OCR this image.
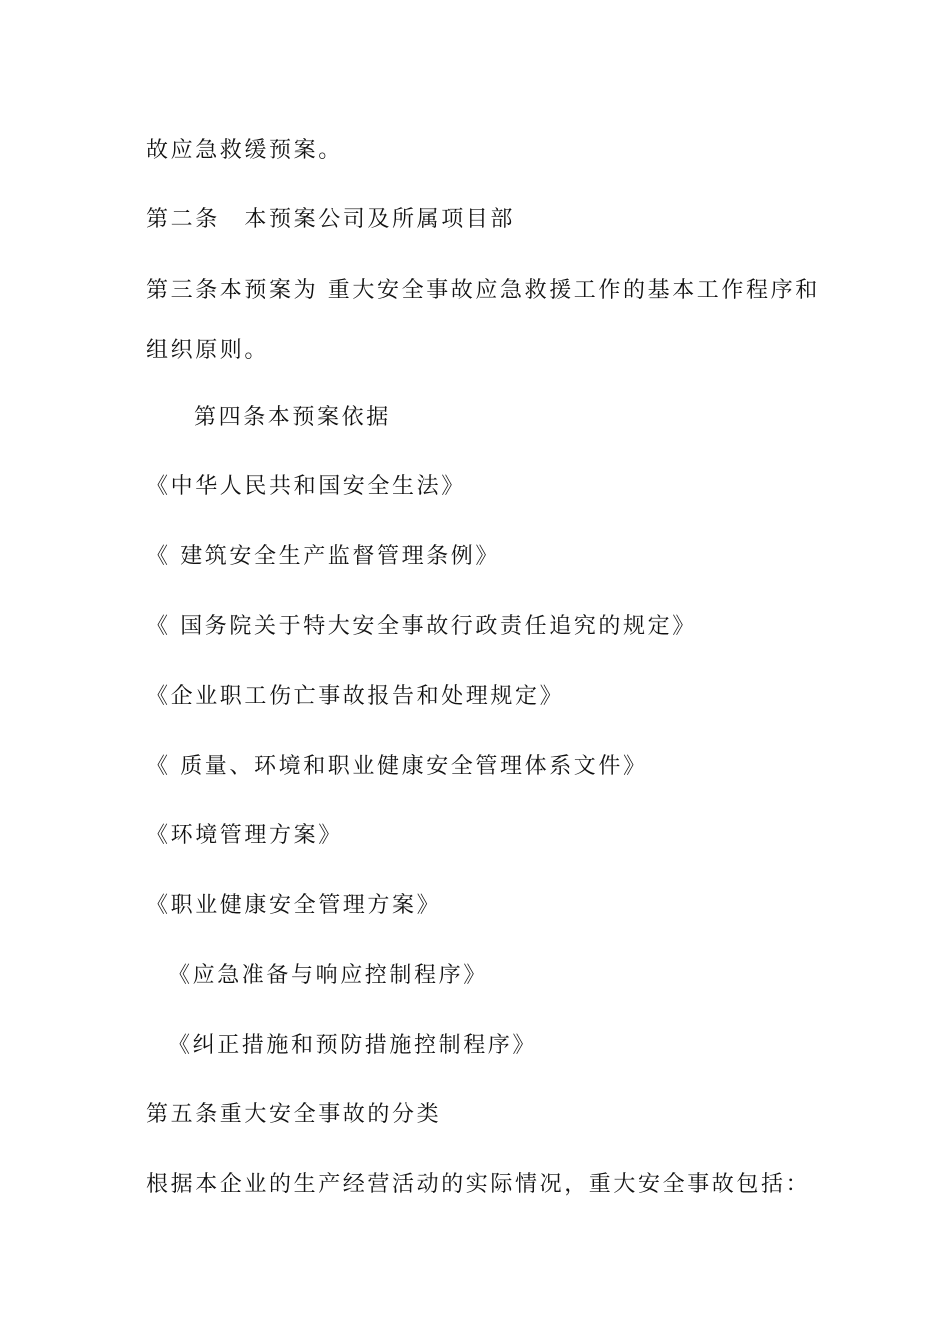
故应急救缓预案。
第二条　本预案公司及所属项目部
第三条本预案为 重大安全事故应急救援工作的基本工作程序和
组织原则。
第四条本预案依据
《中华人民共和国安全生法》
《 建筑安全生产监督管理条例》
《 国务院关于特大安全事故行政责任追究的规定》
《企业职工伤亡事故报告和处理规定》
《 质量、环境和职业健康安全管理体系文件》
《环境管理方案》
《职业健康安全管理方案》
《应急准备与响应控制程序》
《纠正措施和预防措施控制程序》
第五条重大安全事故的分类
根据本企业的生产经营活动的实际情况，重大安全事故包括：
